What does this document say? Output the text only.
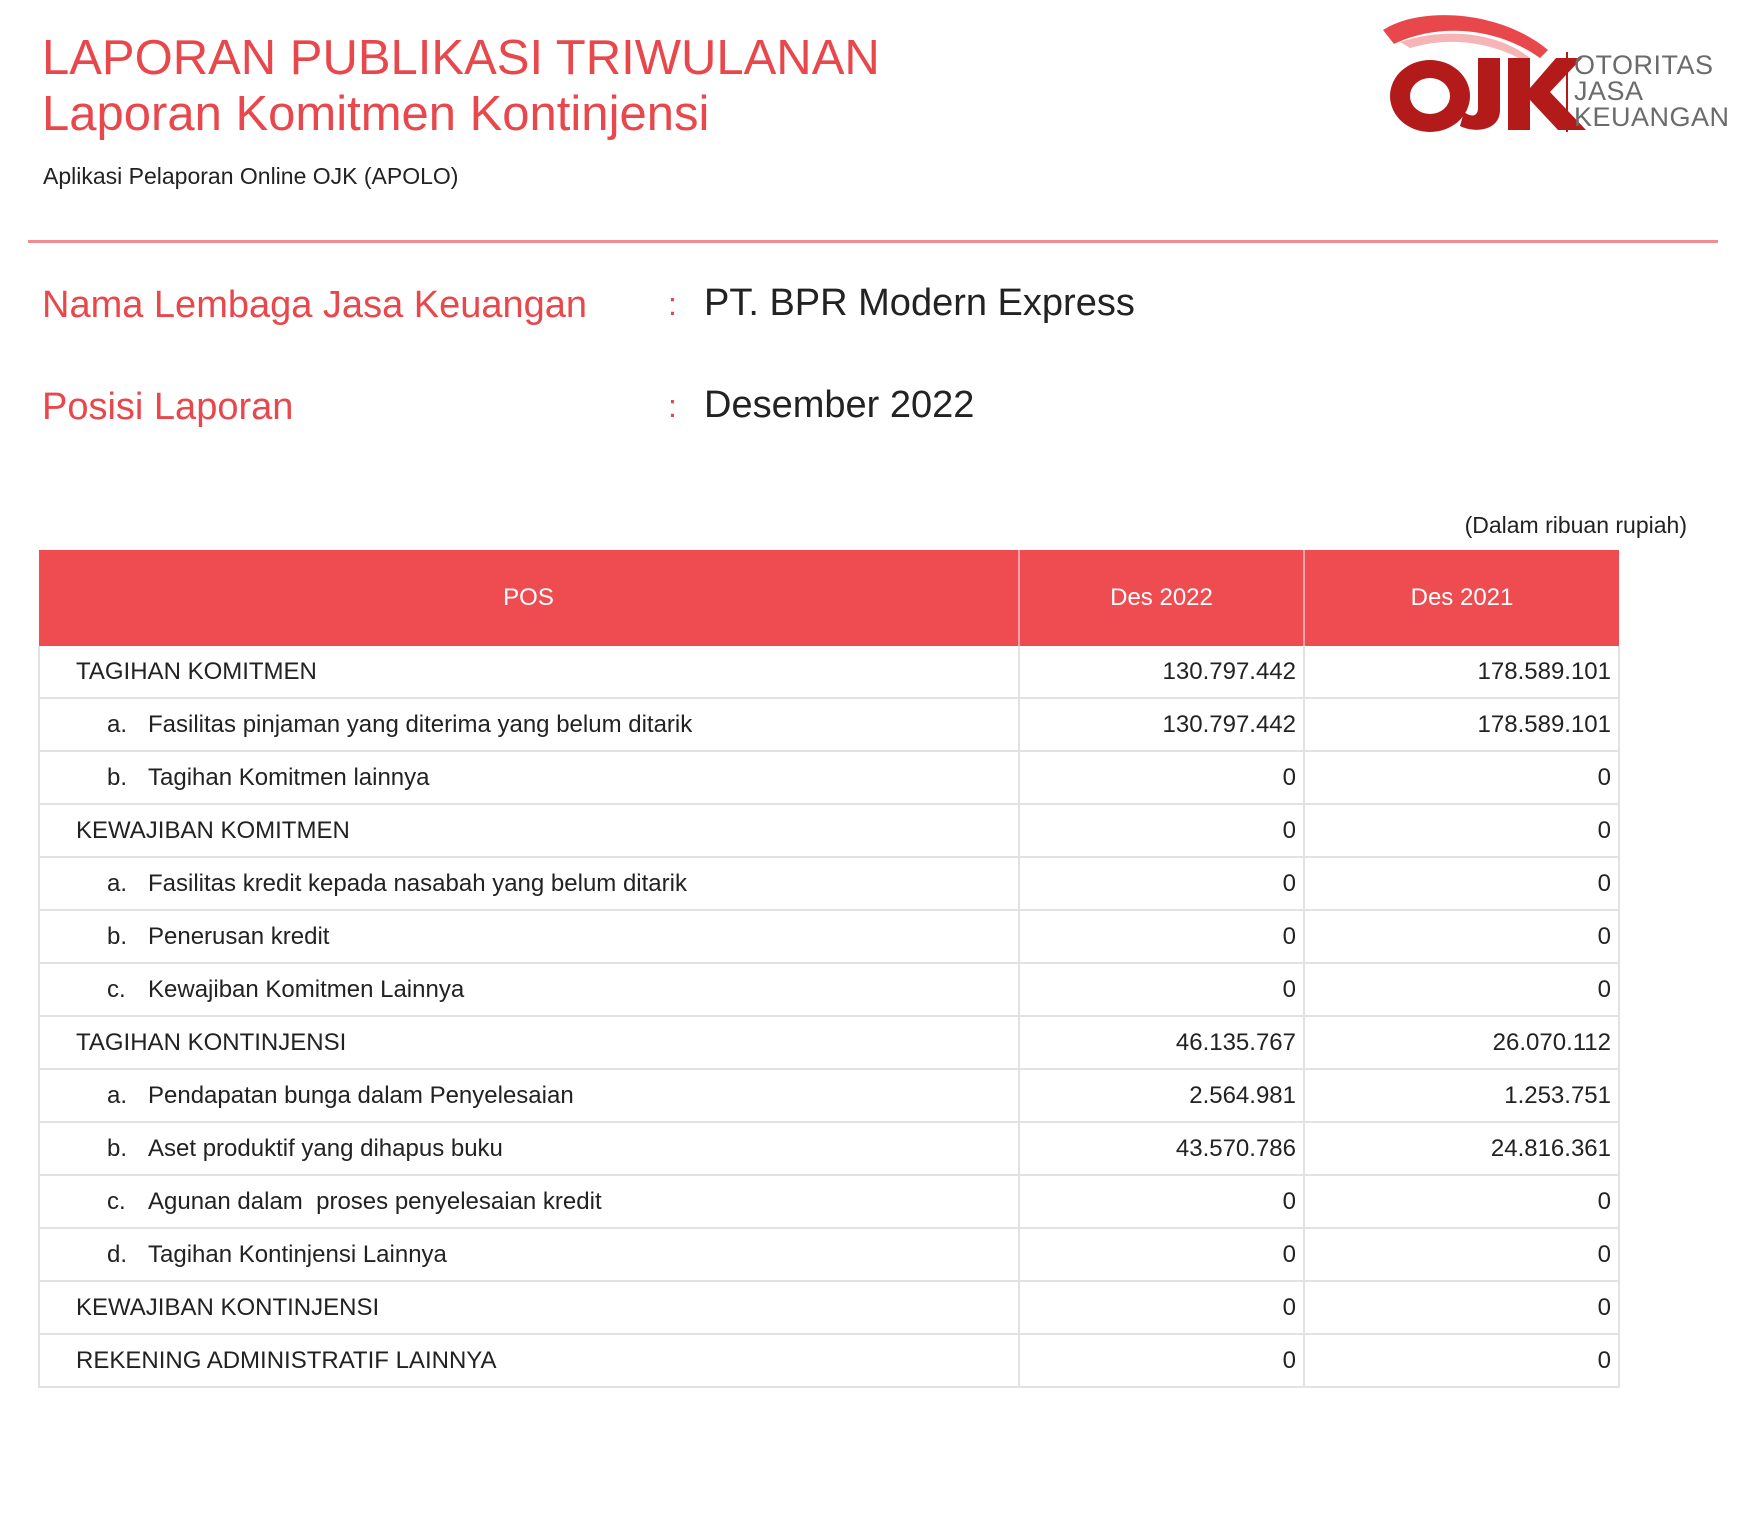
LAPORAN PUBLIKASI TRIWULANAN
Laporan Komitmen Kontinjensi
Aplikasi Pelaporan Online OJK (APOLO)
OTORITAS
JASA
KEUANGAN
Nama Lembaga Jasa Keuangan	: PT. BPR Modern Express
Posisi Laporan	: Desember 2022
(Dalam ribuan rupiah)
POS	Des 2022	Des 2021
TAGIHAN KOMITMEN	130.797.442	178.589.101
a. Fasilitas pinjaman yang diterima yang belum ditarik	130.797.442	178.589.101
b. Tagihan Komitmen lainnya	0	0
KEWAJIBAN KOMITMEN	0	0
a. Fasilitas kredit kepada nasabah yang belum ditarik	0	0
b. Penerusan kredit	0	0
c. Kewajiban Komitmen Lainnya	0	0
TAGIHAN KONTINJENSI	46.135.767	26.070.112
a. Pendapatan bunga dalam Penyelesaian	2.564.981	1.253.751
b. Aset produktif yang dihapus buku	43.570.786	24.816.361
c. Agunan dalam  proses penyelesaian kredit	0	0
d. Tagihan Kontinjensi Lainnya	0	0
KEWAJIBAN KONTINJENSI	0	0
REKENING ADMINISTRATIF LAINNYA	0	0
